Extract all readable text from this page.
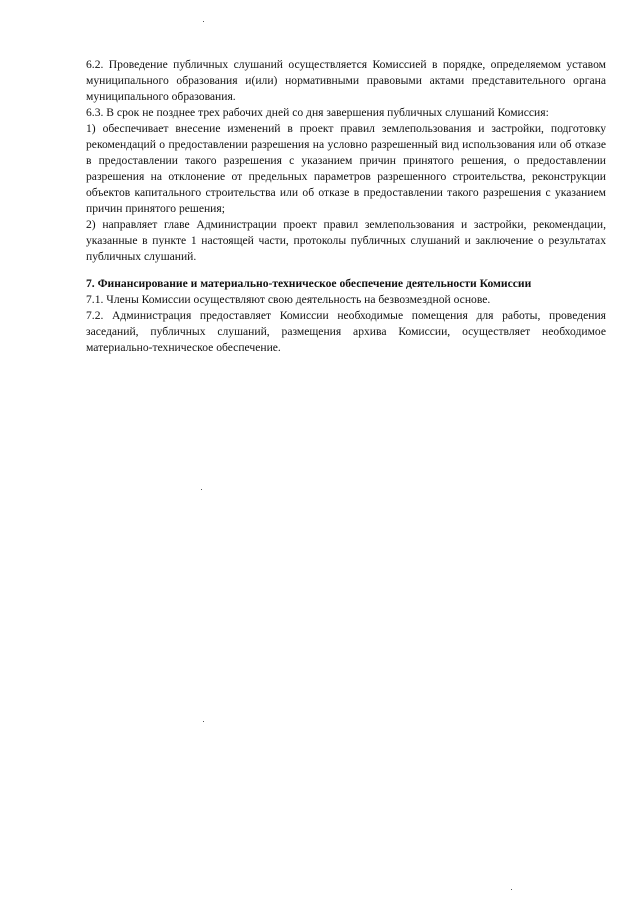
6.2. Проведение публичных слушаний осуществляется Комиссией в порядке, определяемом уставом муниципального образования и(или) нормативными правовыми актами представительного органа муниципального образования.

6.3. В срок не позднее трех рабочих дней со дня завершения публичных слушаний Комиссия:

1) обеспечивает внесение изменений в проект правил землепользования и застройки, подготовку рекомендаций о предоставлении разрешения на условно разрешенный вид использования или об отказе в предоставлении такого разрешения с указанием причин принятого решения, о предоставлении разрешения на отклонение от предельных параметров разрешенного строительства, реконструкции объектов капитального строительства или об отказе в предоставлении такого разрешения с указанием причин принятого решения;

2) направляет главе Администрации проект правил землепользования и застройки, рекомендации, указанные в пункте 1 настоящей части, протоколы публичных слушаний и заключение о результатах публичных слушаний.

7. Финансирование и материально-техническое обеспечение деятельности Комиссии

7.1. Члены Комиссии осуществляют свою деятельность на безвозмездной основе.

7.2. Администрация предоставляет Комиссии необходимые помещения для работы, проведения заседаний, публичных слушаний, размещения архива Комиссии, осуществляет необходимое материально-техническое обеспечение.
